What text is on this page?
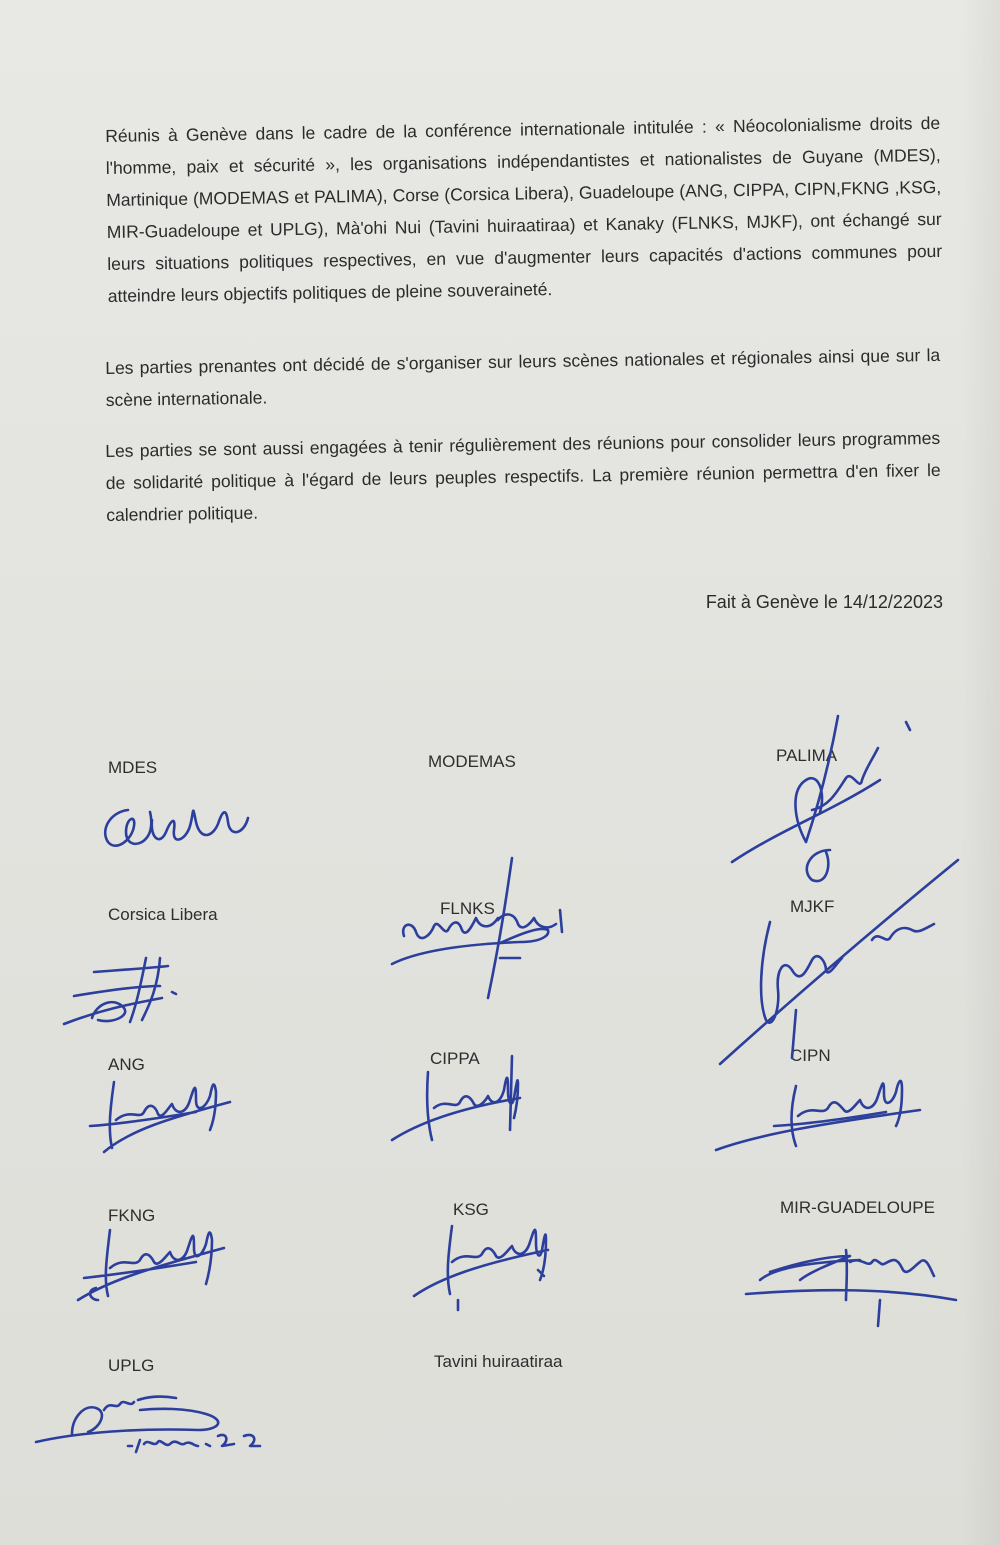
Réunis à Genève dans le cadre de la conférence internationale intitulée : « Néocolonialisme droits de l'homme, paix et sécurité », les organisations indépendantistes et nationalistes de Guyane (MDES), Martinique (MODEMAS et PALIMA), Corse (Corsica Libera), Guadeloupe (ANG, CIPPA, CIPN,FKNG ,KSG, MIR-Guadeloupe et UPLG), Mà'ohi Nui (Tavini huiraatiraa) et Kanaky (FLNKS, MJKF), ont échangé sur leurs situations politiques respectives, en vue d'augmenter leurs capacités d'actions communes pour atteindre leurs objectifs politiques de pleine souveraineté.
Les parties prenantes ont décidé de s'organiser sur leurs scènes nationales et régionales ainsi que sur la scène internationale.
Les parties se sont aussi engagées à tenir régulièrement des réunions pour consolider leurs programmes de solidarité politique à l'égard de leurs peuples respectifs. La première réunion permettra d'en fixer le calendrier politique.
Fait à Genève le 14/12/22023
MDES	MODEMAS	PALIMA
Corsica Libera	FLNKS	MJKF
ANG	CIPPA	CIPN
FKNG	KSG	MIR-GUADELOUPE
UPLG	Tavini huiraatiraa
